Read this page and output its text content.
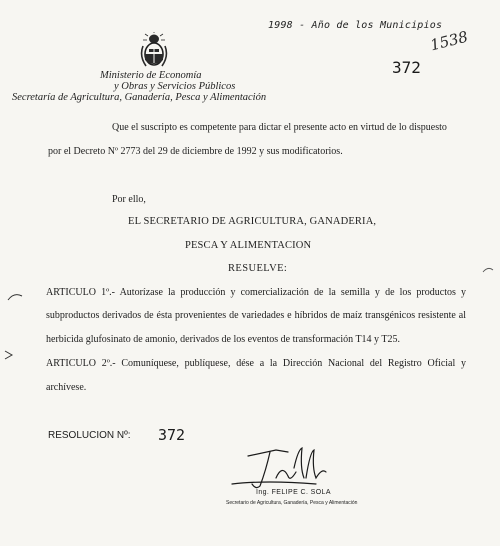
1998 - Año de los Municipios
1538
372
Ministerio de Economía
y Obras y Servicios Públicos
Secretaría de Agricultura, Ganadería, Pesca y Alimentación
Que el suscripto es competente para dictar el presente acto en virtud de lo dispuesto
por el Decreto Nº 2773 del 29 de diciembre de 1992 y sus modificatorios.
Por ello,
EL SECRETARIO DE AGRICULTURA, GANADERIA,
PESCA Y ALIMENTACION
RESUELVE:
ARTICULO 1º.- Autorízase la producción y comercialización de la semilla y de los productos y
subproductos derivados de ésta provenientes de variedades e híbridos de maíz transgénicos resistente al
herbicida glufosinato de amonio, derivados de los eventos de transformación T14 y T25.
ARTICULO 2º.- Comuníquese, publíquese, dése a la Dirección Nacional del Registro Oficial y
archívese.
RESOLUCION Nº: 372
Ing. FELIPE C. SOLA
Secretario de Agricultura, Ganadería, Pesca y Alimentación
